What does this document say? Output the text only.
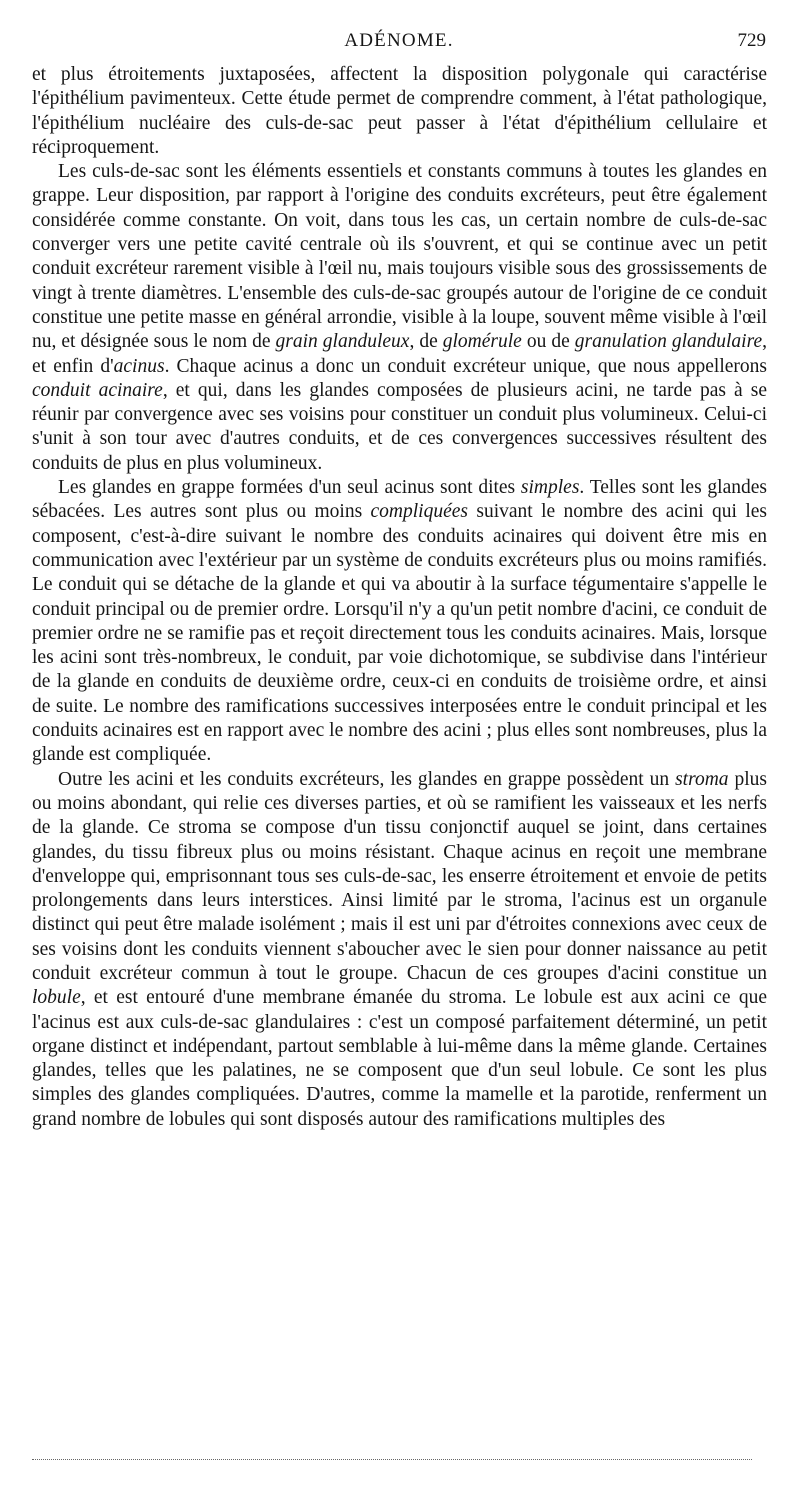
ADÉNOME.	729

et plus étroitements juxtaposées, affectent la disposition polygonale qui caractérise l'épithélium pavimenteux. Cette étude permet de comprendre comment, à l'état pathologique, l'épithélium nucléaire des culs-de-sac peut passer à l'état d'épithélium cellulaire et réciproquement.

Les culs-de-sac sont les éléments essentiels et constants communs à toutes les glandes en grappe. Leur disposition, par rapport à l'origine des conduits excréteurs, peut être également considérée comme constante. On voit, dans tous les cas, un certain nombre de culs-de-sac converger vers une petite cavité centrale où ils s'ouvrent, et qui se continue avec un petit conduit excréteur rarement visible à l'œil nu, mais toujours visible sous des grossissements de vingt à trente diamètres. L'ensemble des culs-de-sac groupés autour de l'origine de ce conduit constitue une petite masse en général arrondie, visible à la loupe, souvent même visible à l'œil nu, et désignée sous le nom de grain glanduleux, de glomérule ou de granulation glandulaire, et enfin d'acinus. Chaque acinus a donc un conduit excréteur unique, que nous appellerons conduit acinaire, et qui, dans les glandes composées de plusieurs acini, ne tarde pas à se réunir par convergence avec ses voisins pour constituer un conduit plus volumineux. Celui-ci s'unit à son tour avec d'autres conduits, et de ces convergences successives résultent des conduits de plus en plus volumineux.

Les glandes en grappe formées d'un seul acinus sont dites simples. Telles sont les glandes sébacées. Les autres sont plus ou moins compliquées suivant le nombre des acini qui les composent, c'est-à-dire suivant le nombre des conduits acinaires qui doivent être mis en communication avec l'extérieur par un système de conduits excréteurs plus ou moins ramifiés. Le conduit qui se détache de la glande et qui va aboutir à la surface tégumentaire s'appelle le conduit principal ou de premier ordre. Lorsqu'il n'y a qu'un petit nombre d'acini, ce conduit de premier ordre ne se ramifie pas et reçoit directement tous les conduits acinaires. Mais, lorsque les acini sont très-nombreux, le conduit, par voie dichotomique, se subdivise dans l'intérieur de la glande en conduits de deuxième ordre, ceux-ci en conduits de troisième ordre, et ainsi de suite. Le nombre des ramifications successives interposées entre le conduit principal et les conduits acinaires est en rapport avec le nombre des acini ; plus elles sont nombreuses, plus la glande est compliquée.

Outre les acini et les conduits excréteurs, les glandes en grappe possèdent un stroma plus ou moins abondant, qui relie ces diverses parties, et où se ramifient les vaisseaux et les nerfs de la glande. Ce stroma se compose d'un tissu conjonctif auquel se joint, dans certaines glandes, du tissu fibreux plus ou moins résistant. Chaque acinus en reçoit une membrane d'enveloppe qui, emprisonnant tous ses culs-de-sac, les enserre étroitement et envoie de petits prolongements dans leurs interstices. Ainsi limité par le stroma, l'acinus est un organule distinct qui peut être malade isolément ; mais il est uni par d'étroites connexions avec ceux de ses voisins dont les conduits viennent s'aboucher avec le sien pour donner naissance au petit conduit excréteur commun à tout le groupe. Chacun de ces groupes d'acini constitue un lobule, et est entouré d'une membrane émanée du stroma. Le lobule est aux acini ce que l'acinus est aux culs-de-sac glandulaires : c'est un composé parfaitement déterminé, un petit organe distinct et indépendant, partout semblable à lui-même dans la même glande. Certaines glandes, telles que les palatines, ne se composent que d'un seul lobule. Ce sont les plus simples des glandes compliquées. D'autres, comme la mamelle et la parotide, renferment un grand nombre de lobules qui sont disposés autour des ramifications multiples des
